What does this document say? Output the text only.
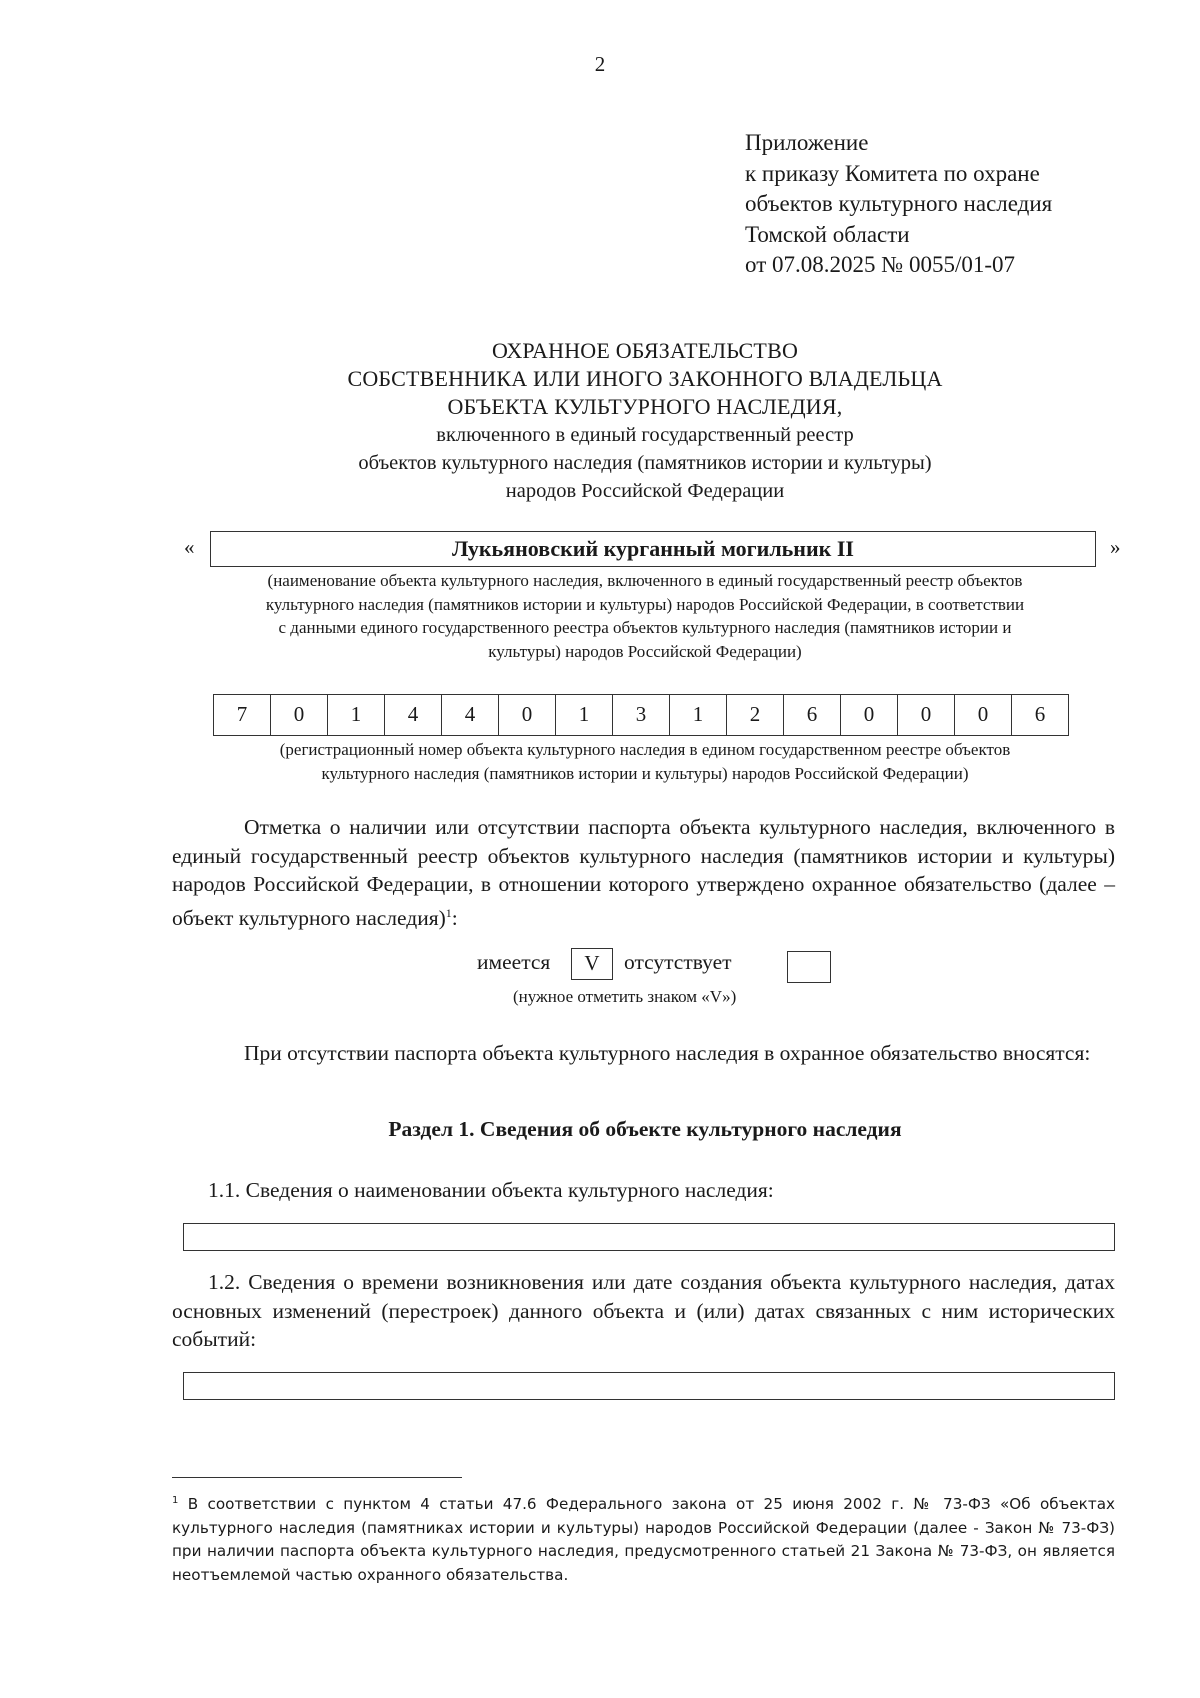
2
Приложение
к приказу Комитета по охране
объектов культурного наследия
Томской области
от 07.08.2025 № 0055/01-07
ОХРАННОЕ ОБЯЗАТЕЛЬСТВО
СОБСТВЕННИКА ИЛИ ИНОГО ЗАКОННОГО ВЛАДЕЛЬЦА
ОБЪЕКТА КУЛЬТУРНОГО НАСЛЕДИЯ,
включенного в единый государственный реестр
объектов культурного наследия (памятников истории и культуры)
народов Российской Федерации
«	Лукьяновский курганный могильник II	»
(наименование объекта культурного наследия, включенного в единый государственный реестр объектов
культурного наследия (памятников истории и культуры) народов Российской Федерации, в соответствии
с данными единого государственного реестра объектов культурного наследия (памятников истории и
культуры) народов Российской Федерации)
7	0	1	4	4	0	1	3	1	2	6	0	0	0	6
(регистрационный номер объекта культурного наследия в едином государственном реестре объектов
культурного наследия (памятников истории и культуры) народов Российской Федерации)
Отметка о наличии или отсутствии паспорта объекта культурного наследия, включенного в единый государственный реестр объектов культурного наследия (памятников истории и культуры) народов Российской Федерации, в отношении которого утверждено охранное обязательство (далее – объект культурного наследия)$^1$:
имеется	V	отсутствует
(нужное отметить знаком «V»)
При отсутствии паспорта объекта культурного наследия в охранное обязательство вносятся:
Раздел 1. Сведения об объекте культурного наследия
1.1. Сведения о наименовании объекта культурного наследия:
1.2. Сведения о времени возникновения или дате создания объекта культурного наследия, датах основных изменений (перестроек) данного объекта и (или) датах связанных с ним исторических событий:
$^1$ В соответствии с пунктом 4 статьи 47.6 Федерального закона от 25 июня 2002 г. № 73-ФЗ «Об объектах культурного наследия (памятниках истории и культуры) народов Российской Федерации (далее - Закон № 73-ФЗ) при наличии паспорта объекта культурного наследия, предусмотренного статьей 21 Закона № 73-ФЗ, он является неотъемлемой частью охранного обязательства.
